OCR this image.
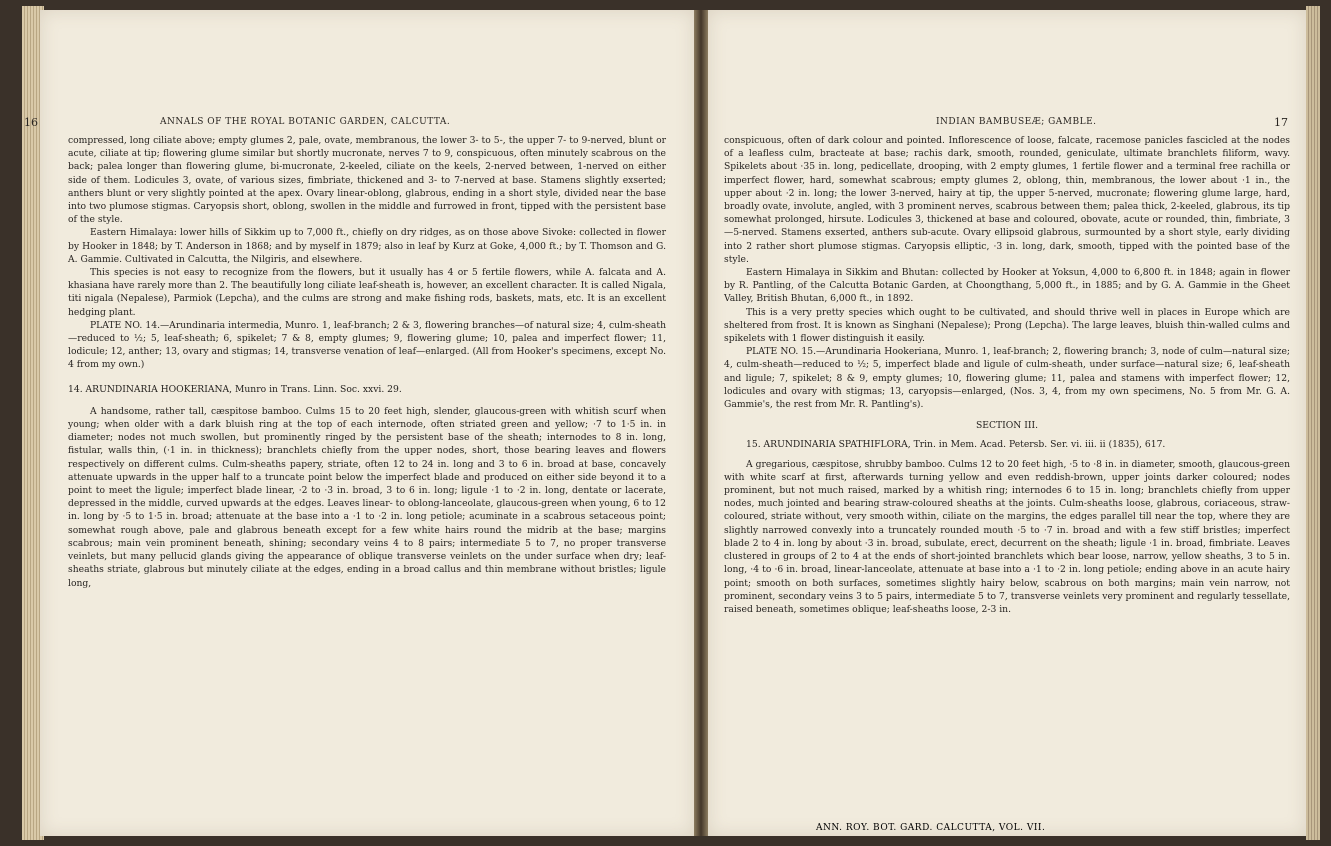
16	ANNALS OF THE ROYAL BOTANIC GARDEN, CALCUTTA.

compressed, long ciliate above; empty glumes 2, pale, ovate, membranous, the lower 3- to 5-, the upper 7- to 9-nerved, blunt or acute, ciliate at tip; flowering glume similar but shortly mucronate, nerves 7 to 9, conspicuous, often minutely scabrous on the back; palea longer than flowering glume, bi-mucronate, 2-keeled, ciliate on the keels, 2-nerved between, 1-nerved on either side of them. Lodicules 3, ovate, of various sizes, fimbriate, thickened and 3- to 7-nerved at base. Stamens slightly exserted; anthers blunt or very slightly pointed at the apex. Ovary linear-oblong, glabrous, ending in a short style, divided near the base into two plumose stigmas. Caryopsis short, oblong, swollen in the middle and furrowed in front, tipped with the persistent base of the style.

Eastern Himalaya: lower hills of Sikkim up to 7,000 ft., chiefly on dry ridges, as on those above Sivoke: collected in flower by Hooker in 1848; by T. Anderson in 1868; and by myself in 1879; also in leaf by Kurz at Goke, 4,000 ft.; by T. Thomson and G. A. Gammie. Cultivated in Calcutta, the Nilgiris, and elsewhere.

This species is not easy to recognize from the flowers, but it usually has 4 or 5 fertile flowers, while A. falcata and A. khasiana have rarely more than 2. The beautifully long ciliate leaf-sheath is, however, an excellent character. It is called Nigala, titi nigala (Nepalese), Parmiok (Lepcha), and the culms are strong and make fishing rods, baskets, mats, etc. It is an excellent hedging plant.

PLATE NO. 14.—Arundinaria intermedia, Munro. 1, leaf-branch; 2 & 3, flowering branches—of natural size; 4, culm-sheath—reduced to ½; 5, leaf-sheath; 6, spikelet; 7 & 8, empty glumes; 9, flowering glume; 10, palea and imperfect flower; 11, lodicule; 12, anther; 13, ovary and stigmas; 14, transverse venation of leaf—enlarged. (All from Hooker's specimens, except No. 4 from my own.)

14. ARUNDINARIA HOOKERIANA, Munro in Trans. Linn. Soc. xxvi. 29.

A handsome, rather tall, cæspitose bamboo. Culms 15 to 20 feet high, slender, glaucous-green with whitish scurf when young; when older with a dark bluish ring at the top of each internode, often striated green and yellow; ·7 to 1·5 in. in diameter; nodes not much swollen, but prominently ringed by the persistent base of the sheath; internodes to 8 in. long, fistular, walls thin, (·1 in. in thickness); branchlets chiefly from the upper nodes, short, those bearing leaves and flowers respectively on different culms. Culm-sheaths papery, striate, often 12 to 24 in. long and 3 to 6 in. broad at base, concavely attenuate upwards in the upper half to a truncate point below the imperfect blade and produced on either side beyond it to a point to meet the ligule; imperfect blade linear, ·2 to ·3 in. broad, 3 to 6 in. long; ligule ·1 to ·2 in. long, dentate or lacerate, depressed in the middle, curved upwards at the edges. Leaves linear- to oblong-lanceolate, glaucous-green when young, 6 to 12 in. long by ·5 to 1·5 in. broad; attenuate at the base into a ·1 to ·2 in. long petiole; acuminate in a scabrous setaceous point; somewhat rough above, pale and glabrous beneath except for a few white hairs round the midrib at the base; margins scabrous; main vein prominent beneath, shining; secondary veins 4 to 8 pairs; intermediate 5 to 7, no proper transverse veinlets, but many pellucid glands giving the appearance of oblique transverse veinlets on the under surface when dry; leaf-sheaths striate, glabrous but minutely ciliate at the edges, ending in a broad callus and thin membrane without bristles; ligule long,

INDIAN BAMBUSEÆ; GAMBLE.	17

conspicuous, often of dark colour and pointed. Inflorescence of loose, falcate, racemose panicles fascicled at the nodes of a leafless culm, bracteate at base; rachis dark, smooth, rounded, geniculate, ultimate branchlets filiform, wavy. Spikelets about ·35 in. long, pedicellate, drooping, with 2 empty glumes, 1 fertile flower and a terminal free rachilla or imperfect flower, hard, somewhat scabrous; empty glumes 2, oblong, thin, membranous, the lower about ·1 in., the upper about ·2 in. long; the lower 3-nerved, hairy at tip, the upper 5-nerved, mucronate; flowering glume large, hard, broadly ovate, involute, angled, with 3 prominent nerves, scabrous between them; palea thick, 2-keeled, glabrous, its tip somewhat prolonged, hirsute. Lodicules 3, thickened at base and coloured, obovate, acute or rounded, thin, fimbriate, 3—5-nerved. Stamens exserted, anthers sub-acute. Ovary ellipsoid glabrous, surmounted by a short style, early dividing into 2 rather short plumose stigmas. Caryopsis elliptic, ·3 in. long, dark, smooth, tipped with the pointed base of the style.

Eastern Himalaya in Sikkim and Bhutan: collected by Hooker at Yoksun, 4,000 to 6,800 ft. in 1848; again in flower by R. Pantling, of the Calcutta Botanic Garden, at Choongthang, 5,000 ft., in 1885; and by G. A. Gammie in the Gheet Valley, British Bhutan, 6,000 ft., in 1892.

This is a very pretty species which ought to be cultivated, and should thrive well in places in Europe which are sheltered from frost. It is known as Singhani (Nepalese); Prong (Lepcha). The large leaves, bluish thin-walled culms and spikelets with 1 flower distinguish it easily.

PLATE NO. 15.—Arundinaria Hookeriana, Munro. 1, leaf-branch; 2, flowering branch; 3, node of culm—natural size; 4, culm-sheath—reduced to ½; 5, imperfect blade and ligule of culm-sheath, under surface—natural size; 6, leaf-sheath and ligule; 7, spikelet; 8 & 9, empty glumes; 10, flowering glume; 11, palea and stamens with imperfect flower; 12, lodicules and ovary with stigmas; 13, caryopsis—enlarged, (Nos. 3, 4, from my own specimens, No. 5 from Mr. G. A. Gammie's, the rest from Mr. R. Pantling's).

SECTION III.

15. ARUNDINARIA SPATHIFLORA, Trin. in Mem. Acad. Petersb. Ser. vi. iii. ii (1835), 617.

A gregarious, cæspitose, shrubby bamboo. Culms 12 to 20 feet high, ·5 to ·8 in. in diameter, smooth, glaucous-green with white scarf at first, afterwards turning yellow and even reddish-brown, upper joints darker coloured; nodes prominent, but not much raised, marked by a whitish ring; internodes 6 to 15 in. long; branchlets chiefly from upper nodes, much jointed and bearing straw-coloured sheaths at the joints. Culm-sheaths loose, glabrous, coriaceous, straw-coloured, striate without, very smooth within, ciliate on the margins, the edges parallel till near the top, where they are slightly narrowed convexly into a truncately rounded mouth ·5 to ·7 in. broad and with a few stiff bristles; imperfect blade 2 to 4 in. long by about ·3 in. broad, subulate, erect, decurrent on the sheath; ligule ·1 in. broad, fimbriate. Leaves clustered in groups of 2 to 4 at the ends of short-jointed branchlets which bear loose, narrow, yellow sheaths, 3 to 5 in. long, ·4 to ·6 in. broad, linear-lanceolate, attenuate at base into a ·1 to ·2 in. long petiole; ending above in an acute hairy point; smooth on both surfaces, sometimes slightly hairy below, scabrous on both margins; main vein narrow, not prominent, secondary veins 3 to 5 pairs, intermediate 5 to 7, transverse veinlets very prominent and regularly tessellate, raised beneath, sometimes oblique; leaf-sheaths loose, 2-3 in.

ANN. ROY. BOT. GARD. CALCUTTA, VOL. VII.
